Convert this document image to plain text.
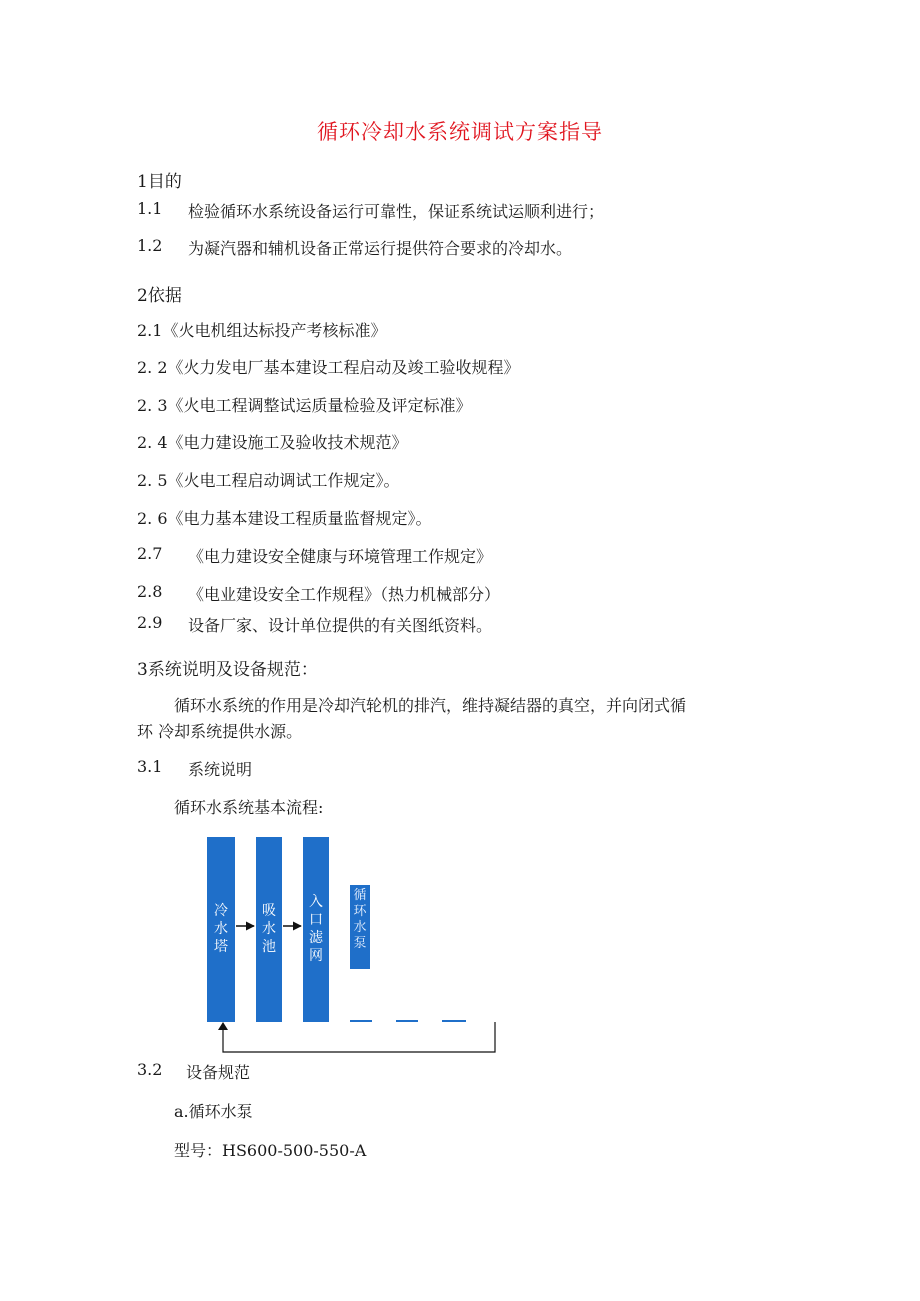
循环冷却水系统调试方案指导
1目的
1.1 检验循环水系统设备运行可靠性，保证系统试运顺利进行；
1.2 为凝汽器和辅机设备正常运行提供符合要求的冷却水。
2依据
2.1《火电机组达标投产考核标准》
2. 2《火力发电厂基本建设工程启动及竣工验收规程》
2. 3《火电工程调整试运质量检验及评定标准》
2. 4《电力建设施工及验收技术规范》
2. 5《火电工程启动调试工作规定》。
2. 6《电力基本建设工程质量监督规定》。
2.7 《电力建设安全健康与环境管理工作规定》
2.8 《电业建设安全工作规程》（热力机械部分）
2.9 设备厂家、设计单位提供的有关图纸资料。
3系统说明及设备规范：
循环水系统的作用是冷却汽轮机的排汽，维持凝结器的真空，并向闭式循
环 冷却系统提供水源。
3.1 系统说明
循环水系统基本流程:
冷水塔
吸水池
入口滤网
循环水泵
3.2 设备规范
a.循环水泵
型号：HS600-500-550-A
